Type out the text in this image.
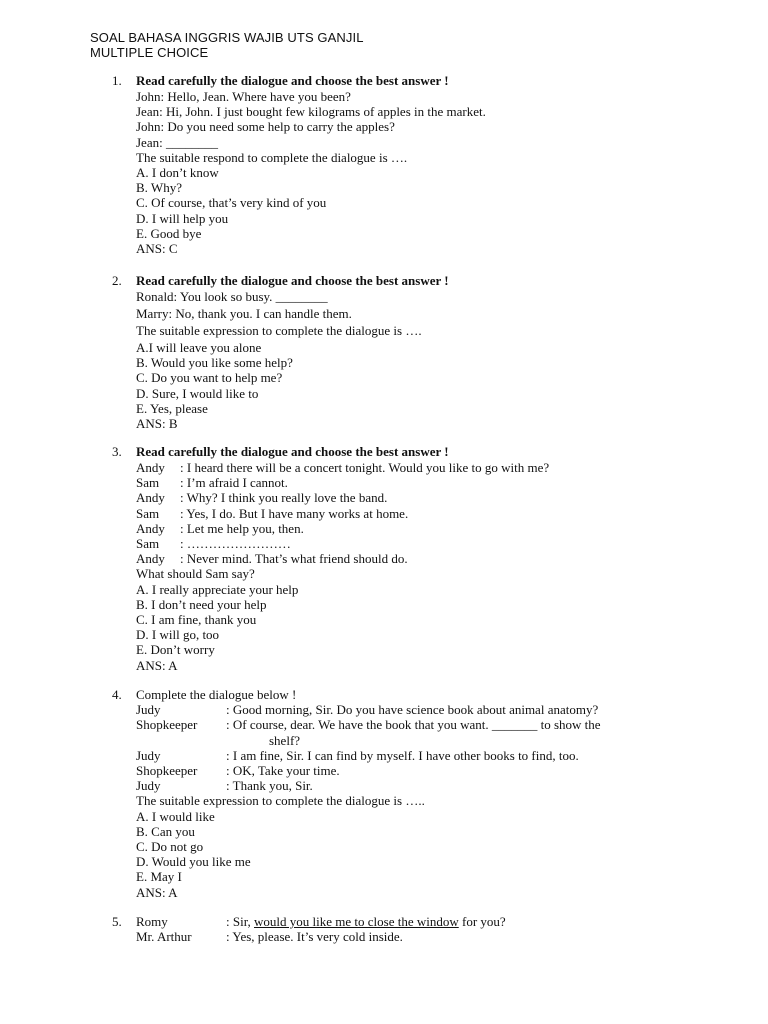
SOAL BAHASA INGGRIS WAJIB UTS GANJIL
MULTIPLE CHOICE
1.	Read carefully the dialogue and choose the best answer !
John: Hello, Jean. Where have you been?
Jean: Hi, John. I just bought few kilograms of apples in the market.
John: Do you need some help to carry the apples?
Jean: ________
The suitable respond to complete the dialogue is ….
A. I don’t know
B. Why?
C. Of course, that’s very kind of you
D. I will help you
E. Good bye
ANS: C
2.	Read carefully the dialogue and choose the best answer !
Ronald: You look so busy. ________
Marry: No, thank you. I can handle them.
The suitable expression to complete the dialogue is ….
A.I will leave you alone
B. Would you like some help?
C. Do you want to help me?
D. Sure, I would like to
E. Yes, please
ANS: B
3.	Read carefully the dialogue and choose the best answer !
Andy	: I heard there will be a concert tonight. Would you like to go with me?
Sam	: I’m afraid I cannot.
Andy	: Why? I think you really love the band.
Sam	: Yes, I do. But I have many works at home.
Andy	: Let me help you, then.
Sam	: ……………………
Andy	: Never mind. That’s what friend should do.
What should Sam say?
A. I really appreciate your help
B. I don’t need your help
C. I am fine, thank you
D. I will go, too
E. Don’t worry
ANS: A
4.	Complete the dialogue below !
Judy	: Good morning, Sir. Do you have science book about animal anatomy?
Shopkeeper	: Of course, dear. We have the book that you want. _______ to show the
shelf?
Judy	: I am fine, Sir. I can find by myself. I have other books to find, too.
Shopkeeper	: OK, Take your time.
Judy	: Thank you, Sir.
The suitable expression to complete the dialogue is …..
A. I would like
B. Can you
C. Do not go
D. Would you like me
E. May I
ANS: A
5.	Romy	: Sir, would you like me to close the window for you?
Mr. Arthur	: Yes, please. It’s very cold inside.
